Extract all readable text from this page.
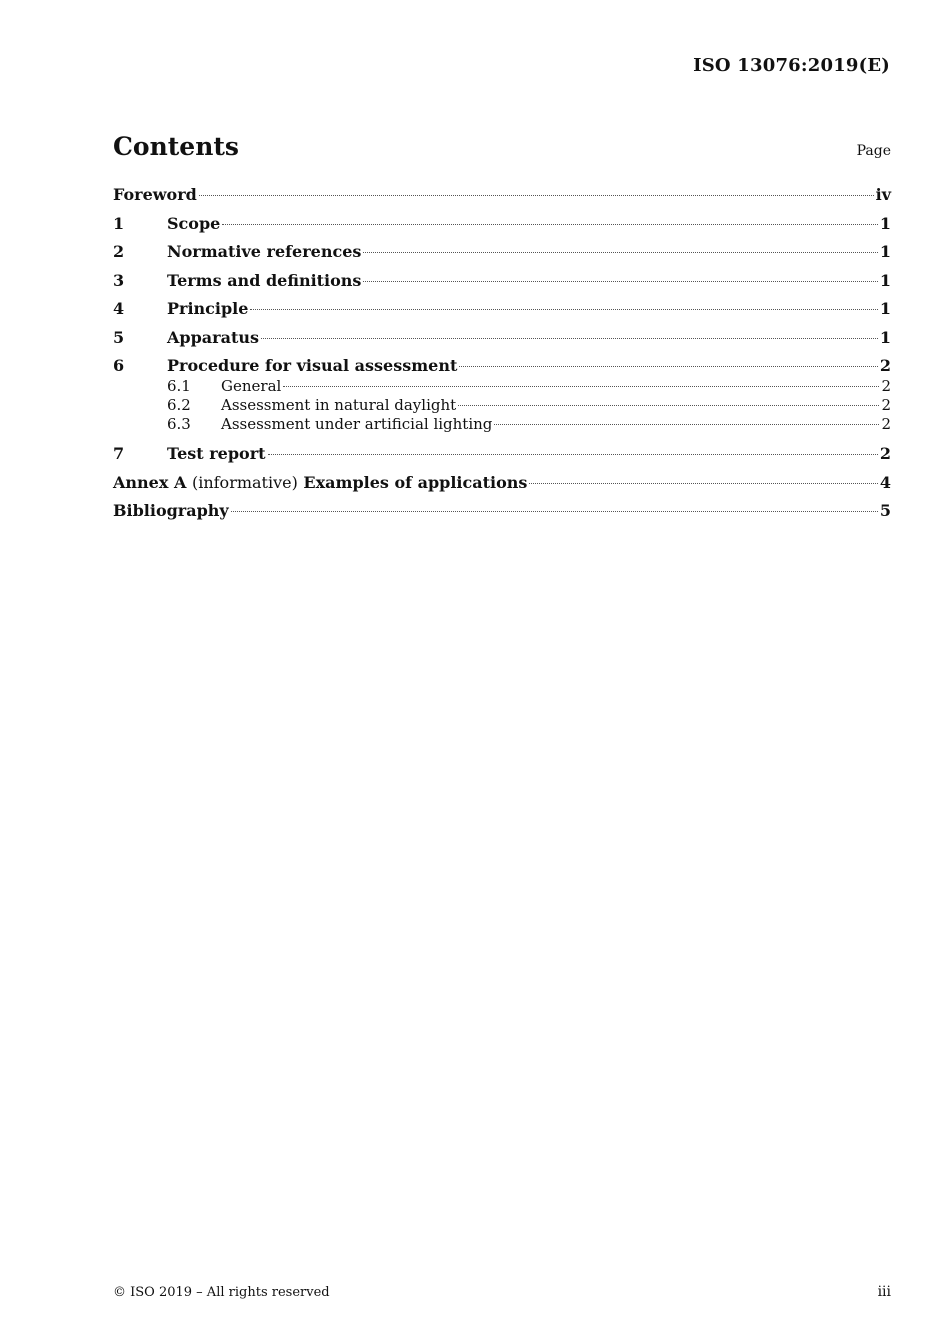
ISO 13076:2019(E)
Contents	Page
Foreword	iv
1	Scope	1
2	Normative references	1
3	Terms and definitions	1
4	Principle	1
5	Apparatus	1
6	Procedure for visual assessment	2
6.1	General	2
6.2	Assessment in natural daylight	2
6.3	Assessment under artificial lighting	2
7	Test report	2
Annex A (informative) Examples of applications	4
Bibliography	5
© ISO 2019 – All rights reserved	iii
